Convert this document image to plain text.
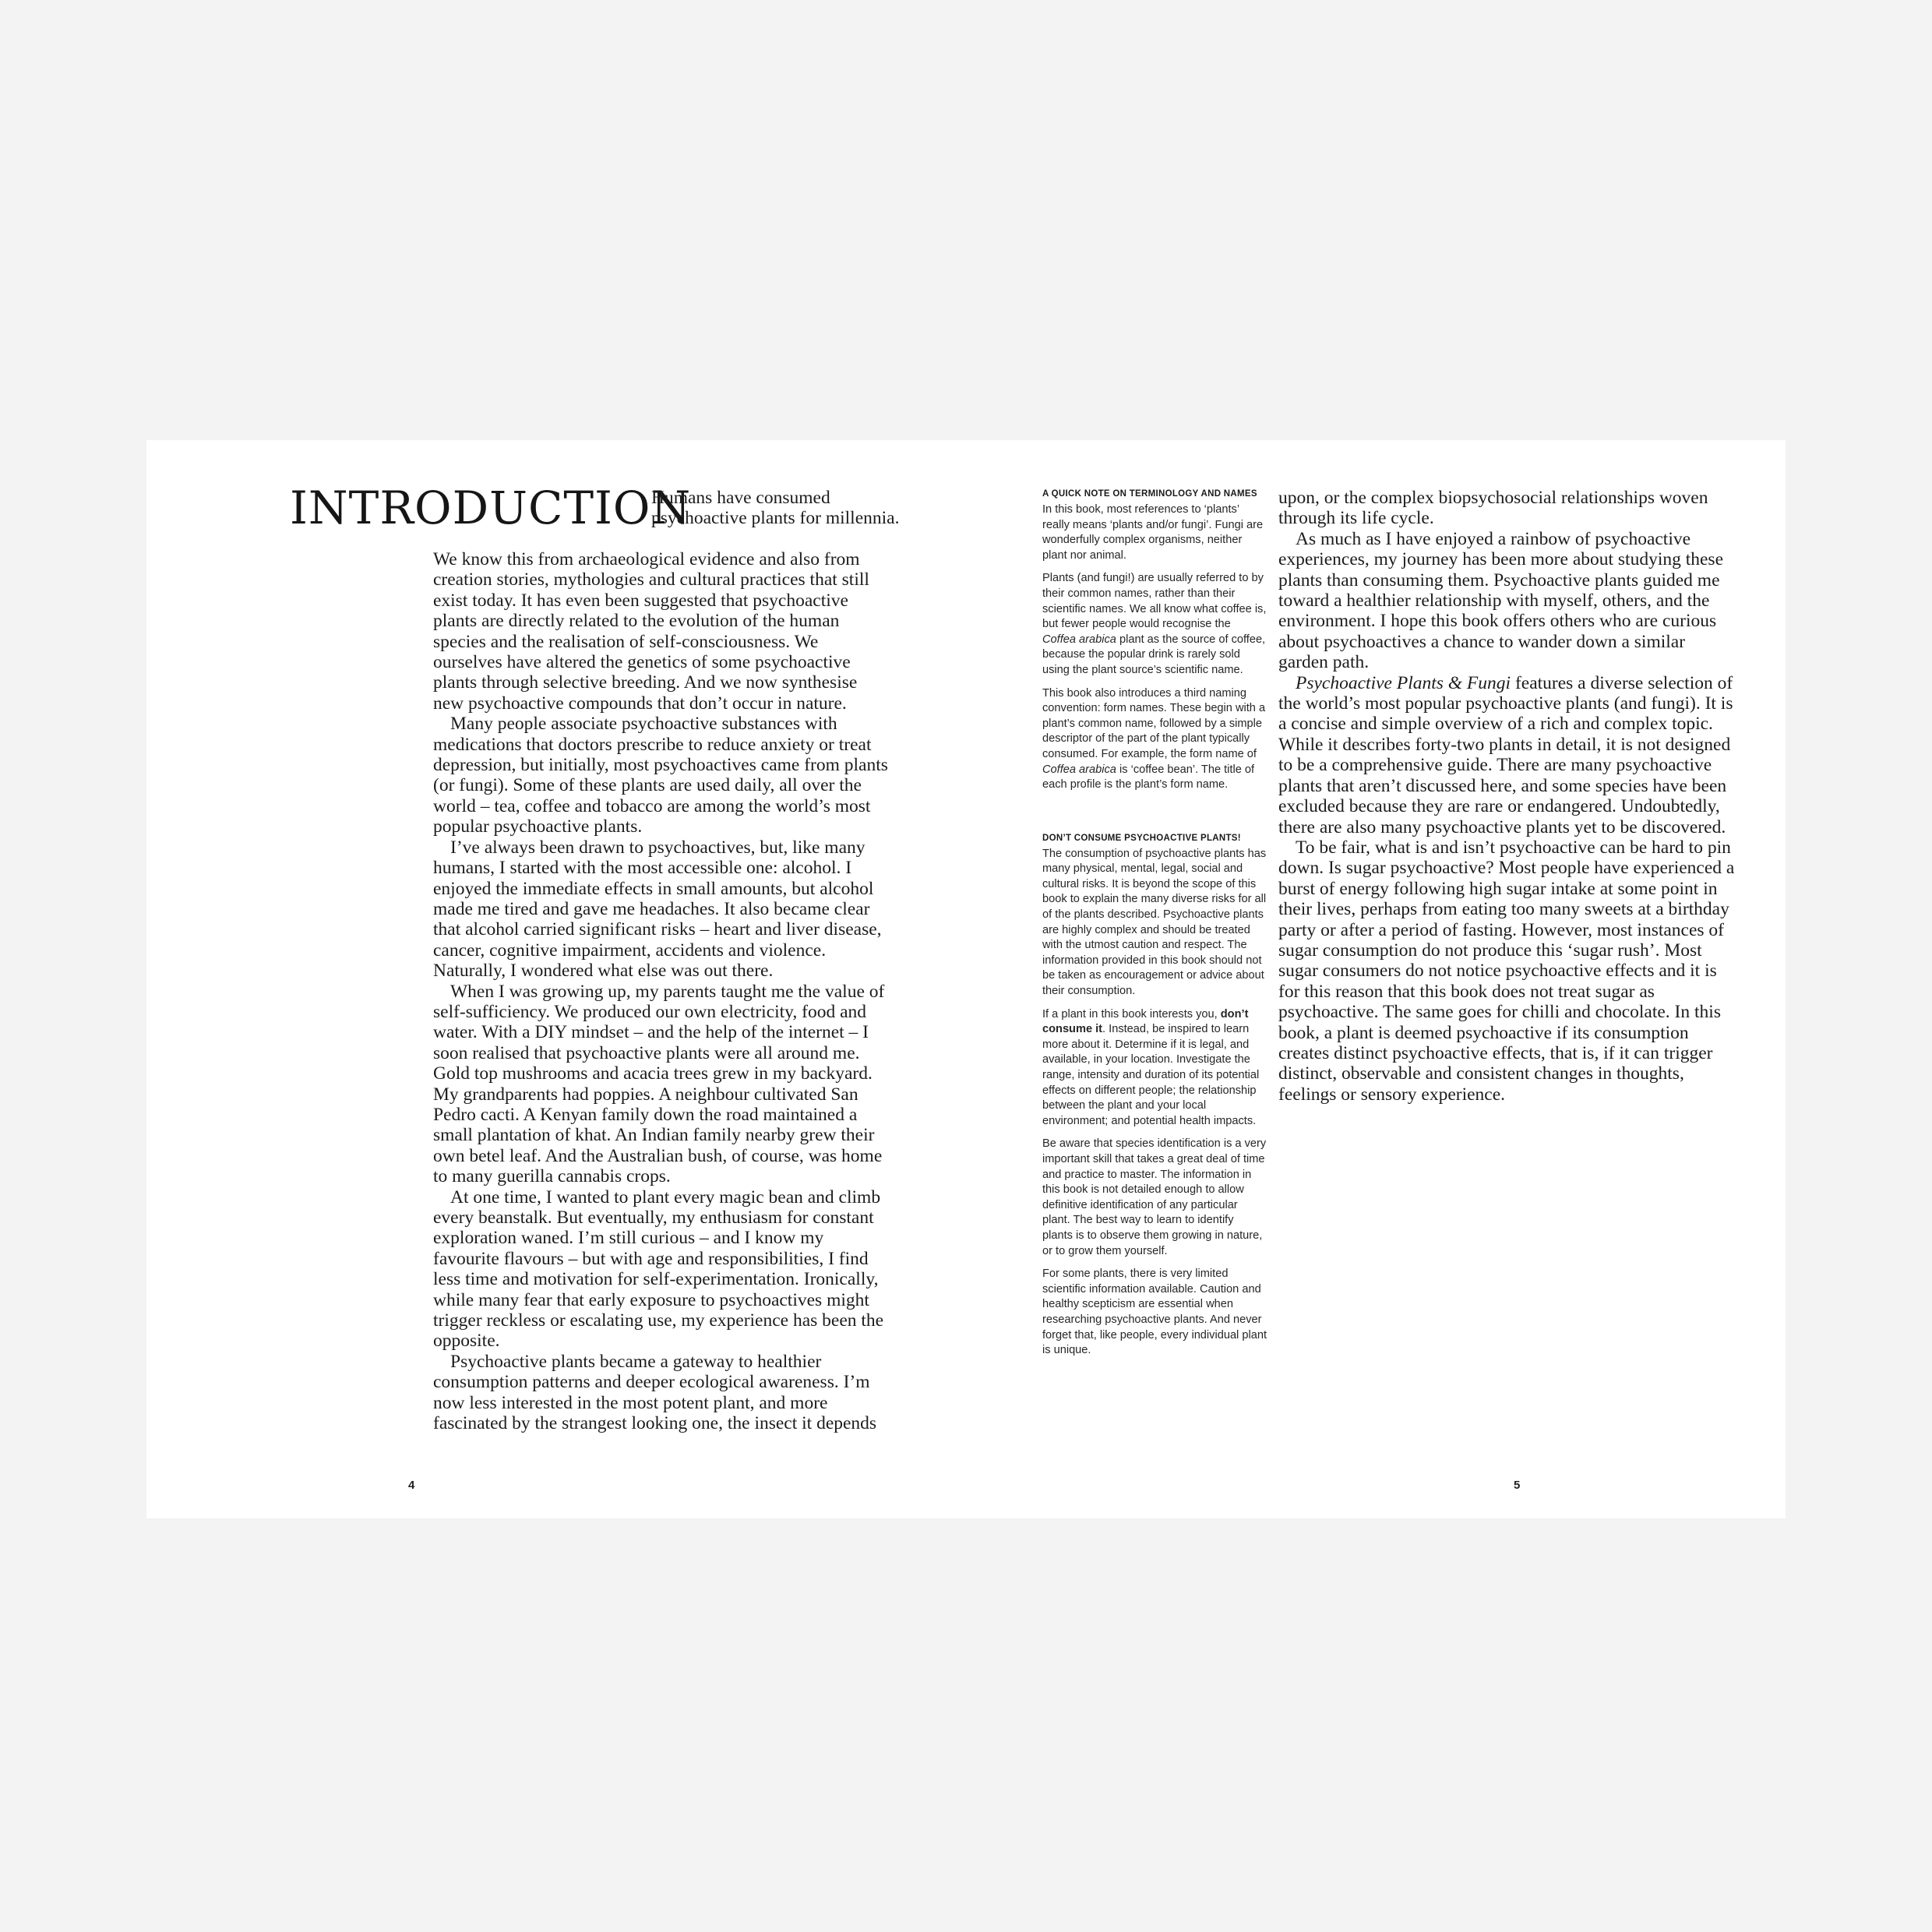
INTRODUCTION

Humans have consumed psychoactive plants for millennia.

We know this from archaeological evidence and also from creation stories, mythologies and cultural practices that still exist today. It has even been suggested that psychoactive plants are directly related to the evolution of the human species and the realisation of self-consciousness. We ourselves have altered the genetics of some psychoactive plants through selective breeding. And we now synthesise new psychoactive compounds that don’t occur in nature.

Many people associate psychoactive substances with medications that doctors prescribe to reduce anxiety or treat depression, but initially, most psychoactives came from plants (or fungi). Some of these plants are used daily, all over the world – tea, coffee and tobacco are among the world’s most popular psychoactive plants.

I’ve always been drawn to psychoactives, but, like many humans, I started with the most accessible one: alcohol. I enjoyed the immediate effects in small amounts, but alcohol made me tired and gave me headaches. It also became clear that alcohol carried significant risks – heart and liver disease, cancer, cognitive impairment, accidents and violence. Naturally, I wondered what else was out there.

When I was growing up, my parents taught me the value of self-sufficiency. We produced our own electricity, food and water. With a DIY mindset – and the help of the internet – I soon realised that psychoactive plants were all around me. Gold top mushrooms and acacia trees grew in my backyard. My grandparents had poppies. A neighbour cultivated San Pedro cacti. A Kenyan family down the road maintained a small plantation of khat. An Indian family nearby grew their own betel leaf. And the Australian bush, of course, was home to many guerilla cannabis crops.

At one time, I wanted to plant every magic bean and climb every beanstalk. But eventually, my enthusiasm for constant exploration waned. I’m still curious – and I know my favourite flavours – but with age and responsibilities, I find less time and motivation for self-experimentation. Ironically, while many fear that early exposure to psychoactives might trigger reckless or escalating use, my experience has been the opposite.

Psychoactive plants became a gateway to healthier consumption patterns and deeper ecological awareness. I’m now less interested in the most potent plant, and more fascinated by the strangest looking one, the insect it depends

A QUICK NOTE ON TERMINOLOGY AND NAMES

In this book, most references to ‘plants’ really means ‘plants and/or fungi’. Fungi are wonderfully complex organisms, neither plant nor animal.

Plants (and fungi!) are usually referred to by their common names, rather than their scientific names. We all know what coffee is, but fewer people would recognise the Coffea arabica plant as the source of coffee, because the popular drink is rarely sold using the plant source’s scientific name.

This book also introduces a third naming convention: form names. These begin with a plant’s common name, followed by a simple descriptor of the part of the plant typically consumed. For example, the form name of Coffea arabica is ‘coffee bean’. The title of each profile is the plant’s form name.

DON’T CONSUME PSYCHOACTIVE PLANTS!

The consumption of psychoactive plants has many physical, mental, legal, social and cultural risks. It is beyond the scope of this book to explain the many diverse risks for all of the plants described. Psychoactive plants are highly complex and should be treated with the utmost caution and respect. The information provided in this book should not be taken as encouragement or advice about their consumption.

If a plant in this book interests you, don’t consume it. Instead, be inspired to learn more about it. Determine if it is legal, and available, in your location. Investigate the range, intensity and duration of its potential effects on different people; the relationship between the plant and your local environment; and potential health impacts.

Be aware that species identification is a very important skill that takes a great deal of time and practice to master. The information in this book is not detailed enough to allow definitive identification of any particular plant. The best way to learn to identify plants is to observe them growing in nature, or to grow them yourself.

For some plants, there is very limited scientific information available. Caution and healthy scepticism are essential when researching psychoactive plants. And never forget that, like people, every individual plant is unique.

upon, or the complex biopsychosocial relationships woven through its life cycle.

As much as I have enjoyed a rainbow of psychoactive experiences, my journey has been more about studying these plants than consuming them. Psychoactive plants guided me toward a healthier relationship with myself, others, and the environment. I hope this book offers others who are curious about psychoactives a chance to wander down a similar garden path.

Psychoactive Plants & Fungi features a diverse selection of the world’s most popular psychoactive plants (and fungi). It is a concise and simple overview of a rich and complex topic. While it describes forty-two plants in detail, it is not designed to be a comprehensive guide. There are many psychoactive plants that aren’t discussed here, and some species have been excluded because they are rare or endangered. Undoubtedly, there are also many psychoactive plants yet to be discovered.

To be fair, what is and isn’t psychoactive can be hard to pin down. Is sugar psychoactive? Most people have experienced a burst of energy following high sugar intake at some point in their lives, perhaps from eating too many sweets at a birthday party or after a period of fasting. However, most instances of sugar consumption do not produce this ‘sugar rush’. Most sugar consumers do not notice psychoactive effects and it is for this reason that this book does not treat sugar as psychoactive. The same goes for chilli and chocolate. In this book, a plant is deemed psychoactive if its consumption creates distinct psychoactive effects, that is, if it can trigger distinct, observable and consistent changes in thoughts, feelings or sensory experience.

4	5
